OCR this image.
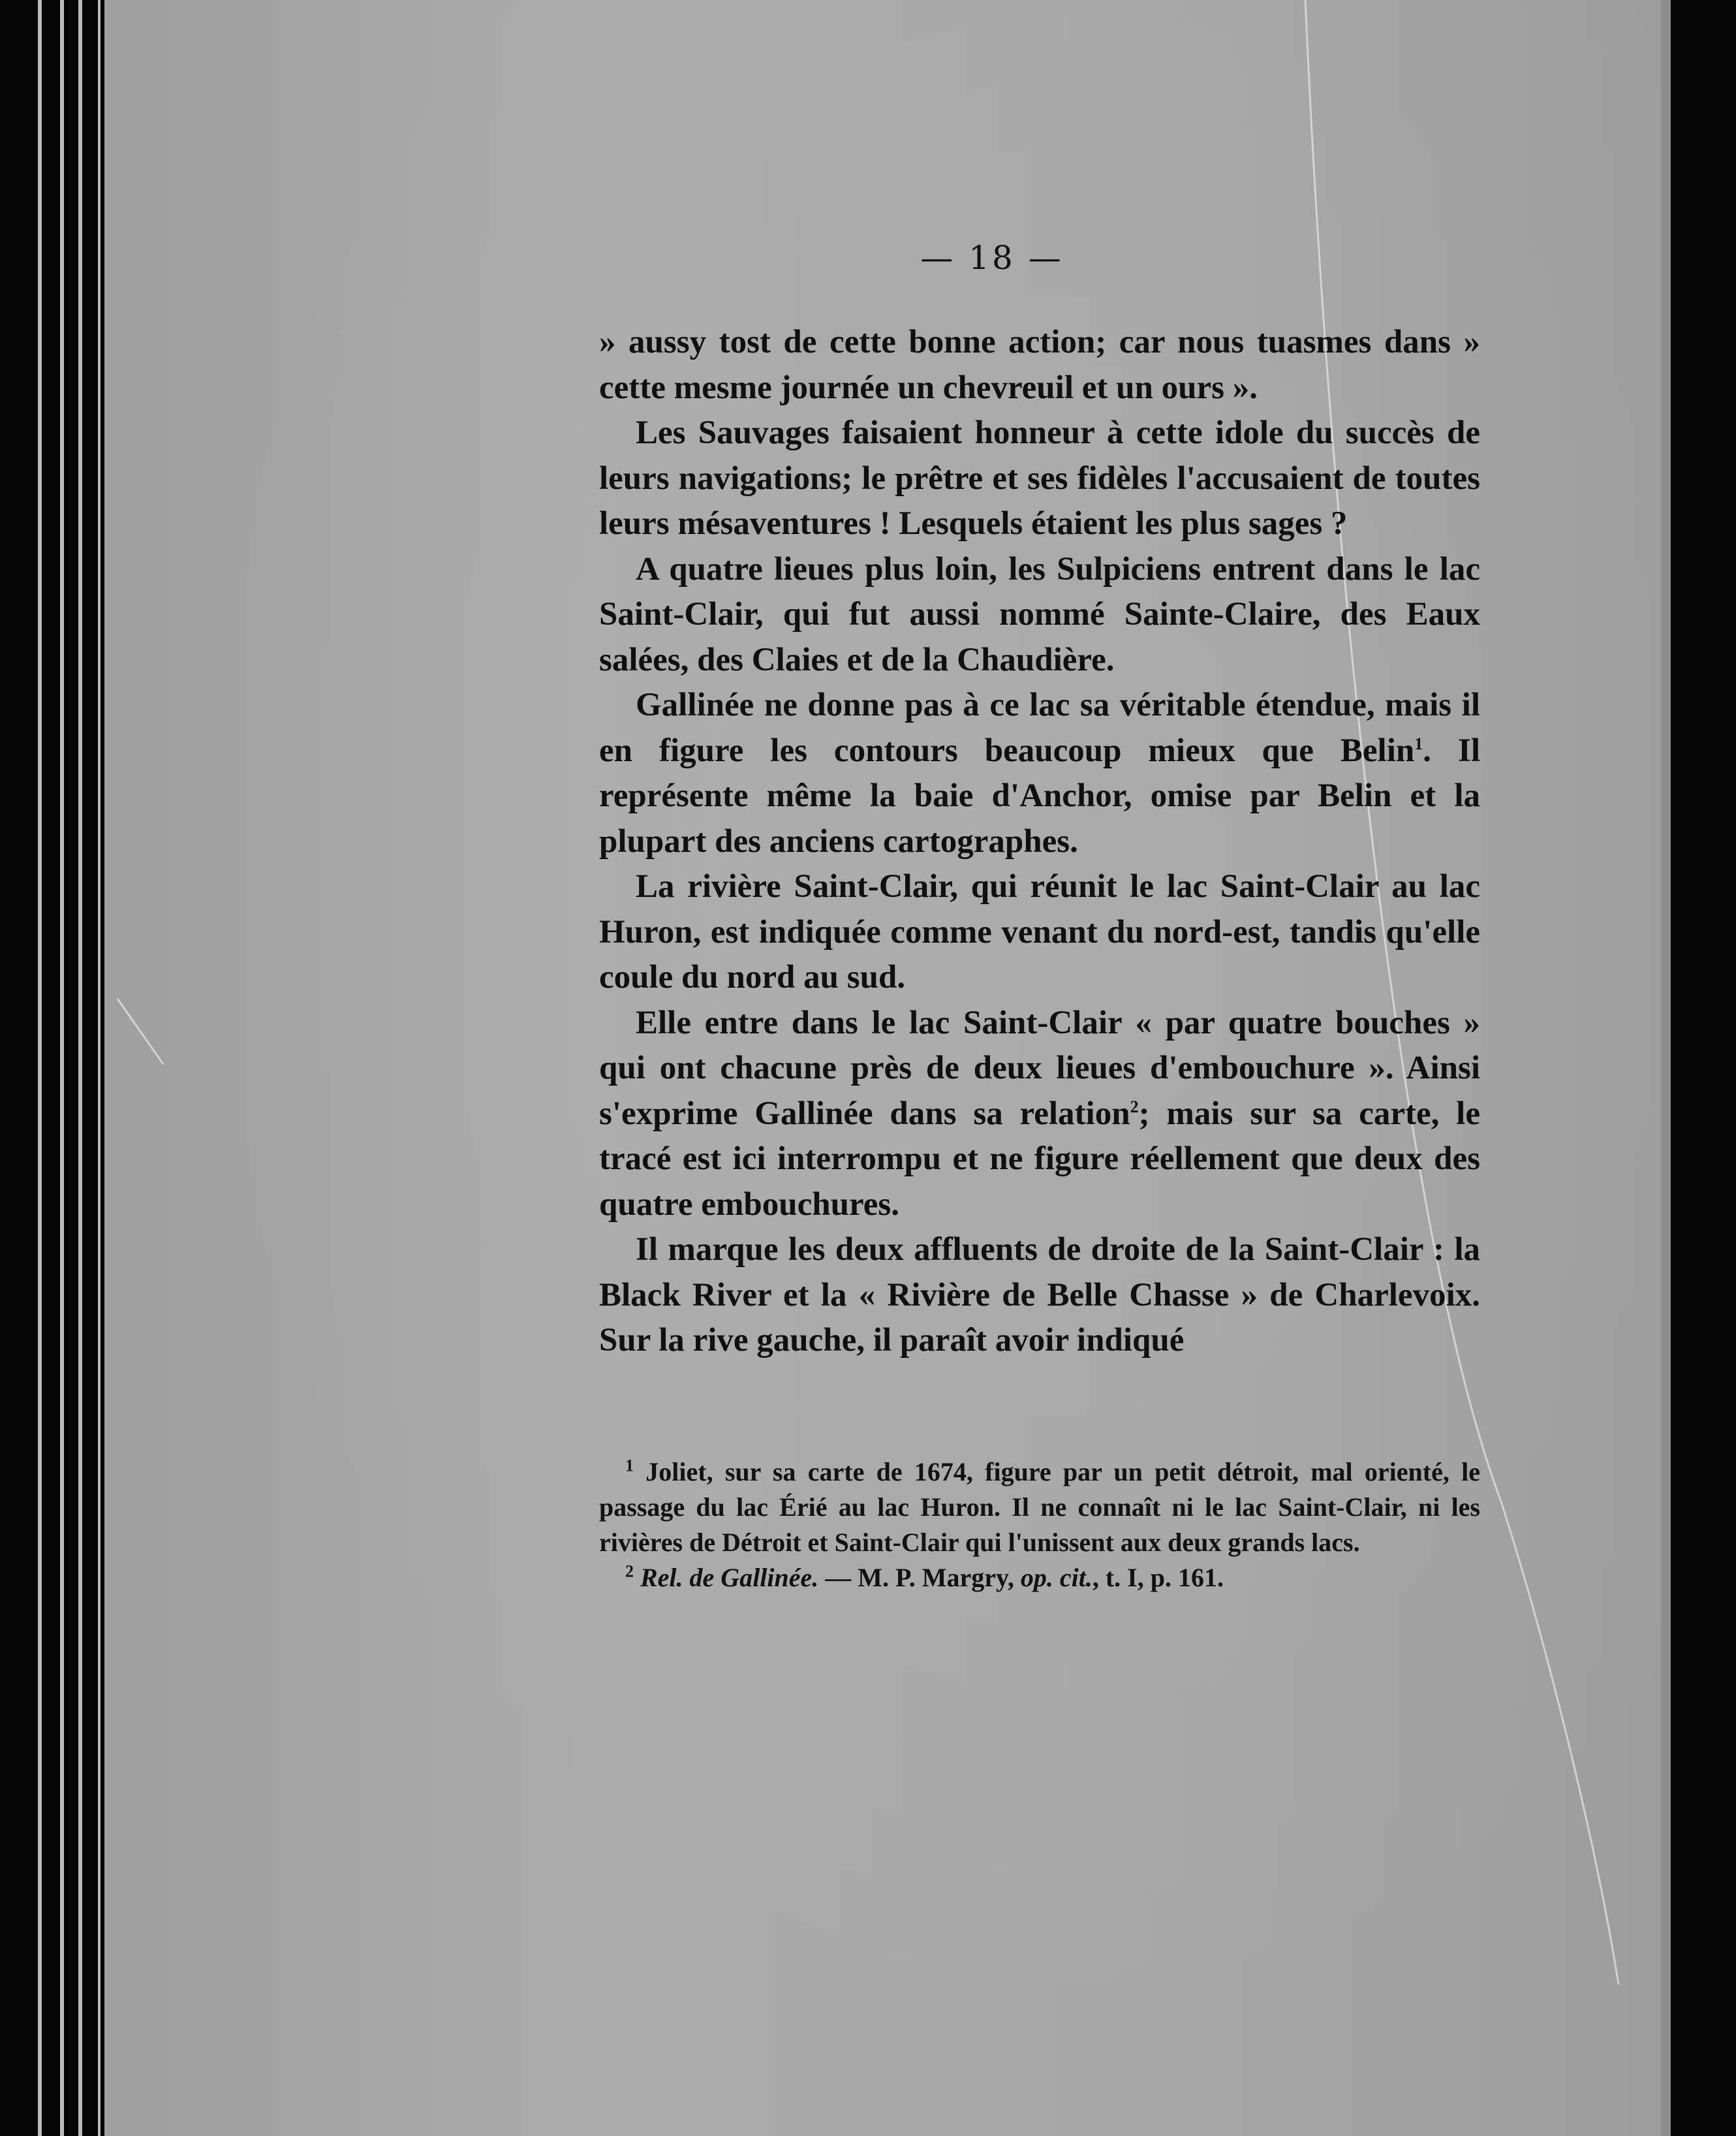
— 18 —

» aussy tost de cette bonne action; car nous tuasmes dans » cette mesme journée un chevreuil et un ours ».

Les Sauvages faisaient honneur à cette idole du succès de leurs navigations; le prêtre et ses fidèles l'accusaient de toutes leurs mésaventures ! Lesquels étaient les plus sages ?

A quatre lieues plus loin, les Sulpiciens entrent dans le lac Saint-Clair, qui fut aussi nommé Sainte-Claire, des Eaux salées, des Claies et de la Chaudière.

Gallinée ne donne pas à ce lac sa véritable étendue, mais il en figure les contours beaucoup mieux que Belin$^1$. Il représente même la baie d'Anchor, omise par Belin et la plupart des anciens cartographes.

La rivière Saint-Clair, qui réunit le lac Saint-Clair au lac Huron, est indiquée comme venant du nord-est, tandis qu'elle coule du nord au sud.

Elle entre dans le lac Saint-Clair « par quatre bouches » qui ont chacune près de deux lieues d'embouchure ». Ainsi s'exprime Gallinée dans sa relation$^2$; mais sur sa carte, le tracé est ici interrompu et ne figure réellement que deux des quatre embouchures.

Il marque les deux affluents de droite de la Saint-Clair : la Black River et la « Rivière de Belle Chasse » de Charlevoix. Sur la rive gauche, il paraît avoir indiqué

$^1$ Joliet, sur sa carte de 1674, figure par un petit détroit, mal orienté, le passage du lac Érié au lac Huron. Il ne connaît ni le lac Saint-Clair, ni les rivières de Détroit et Saint-Clair qui l'unissent aux deux grands lacs.

$^2$ Rel. de Gallinée. — M. P. Margry, op. cit., t. I, p. 161.
